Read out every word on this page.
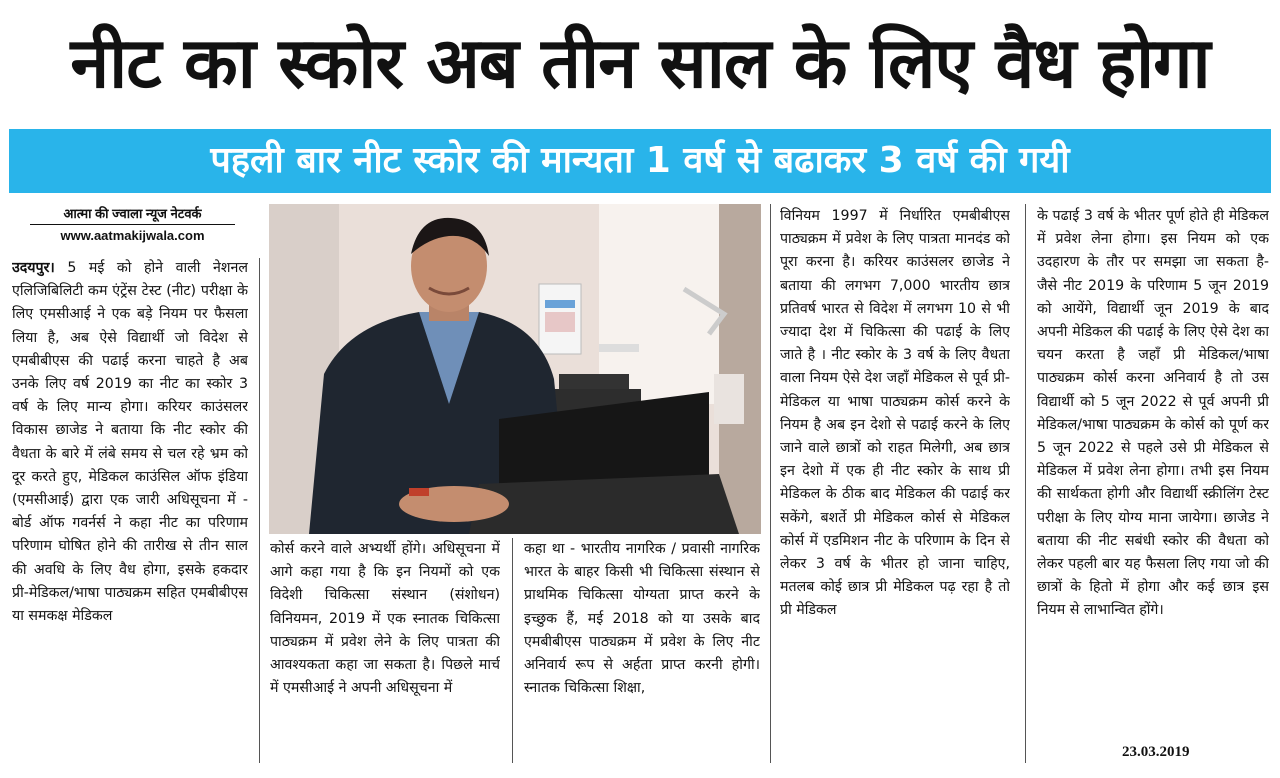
नीट का स्कोर अब तीन साल के लिए वैध होगा
पहली बार नीट स्कोर की मान्यता 1 वर्ष से बढाकर 3 वर्ष की गयी
आत्मा की ज्वाला न्यूज नेटवर्क
www.aatmakijwala.com
उदयपुर। 5 मई को होने वाली नेशनल एलिजिबिलिटी कम एंट्रेंस टेस्ट (नीट) परीक्षा के लिए एमसीआई ने एक बड़े नियम पर फैसला लिया है, अब ऐसे विद्यार्थी जो विदेश से एमबीबीएस की पढाई करना चाहते है अब उनके लिए वर्ष 2019 का नीट का स्कोर 3 वर्ष के लिए मान्य होगा। करियर काउंसलर विकास छाजेड ने बताया कि नीट स्कोर की वैधता के बारे में लंबे समय से चल रहे भ्रम को दूर करते हुए, मेडिकल काउंसिल ऑफ इंडिया (एमसीआई) द्वारा एक जारी अधिसूचना में - बोर्ड ऑफ गवर्नर्स ने कहा नीट का परिणाम परिणाम घोषित होने की तारीख से तीन साल की अवधि के लिए वैध होगा, इसके हकदार प्री-मेडिकल/भाषा पाठ्यक्रम सहित एमबीबीएस या समकक्ष मेडिकल
कोर्स करने वाले अभ्यर्थी होंगे। अधिसूचना में आगे कहा गया है कि इन नियमों को एक विदेशी चिकित्सा संस्थान (संशोधन) विनियमन, 2019 में एक स्नातक चिकित्सा पाठ्यक्रम में प्रवेश लेने के लिए पात्रता की आवश्यकता कहा जा सकता है। पिछले मार्च में एमसीआई ने अपनी अधिसूचना में
कहा था - भारतीय नागरिक / प्रवासी नागरिक भारत के बाहर किसी भी चिकित्सा संस्थान से प्राथमिक चिकित्सा योग्यता प्राप्त करने के इच्छुक हैं, मई 2018 को या उसके बाद एमबीबीएस पाठ्यक्रम में प्रवेश के लिए नीट अनिवार्य रूप से अर्हता प्राप्त करनी होगी। स्नातक चिकित्सा शिक्षा,
विनियम 1997 में निर्धारित एमबीबीएस पाठ्यक्रम में प्रवेश के लिए पात्रता मानदंड को पूरा करना है। करियर काउंसलर छाजेड ने बताया की लगभग 7,000 भारतीय छात्र प्रतिवर्ष भारत से विदेश में लगभग 10 से भी ज्यादा देश में चिकित्सा की पढाई के लिए जाते है । नीट स्कोर के 3 वर्ष के लिए वैधता वाला नियम ऐसे देश जहाँ मेडिकल से पूर्व प्री-मेडिकल या भाषा पाठ्यक्रम कोर्स करने के नियम है अब इन देशो से पढाई करने के लिए जाने वाले छात्रों को राहत मिलेगी, अब छात्र इन देशो में एक ही नीट स्कोर के साथ प्री मेडिकल के ठीक बाद मेडिकल की पढाई कर सकेंगे, बशर्ते प्री मेडिकल कोर्स से मेडिकल कोर्स में एडमिशन नीट के परिणाम के दिन से लेकर 3 वर्ष के भीतर हो जाना चाहिए, मतलब कोई छात्र प्री मेडिकल पढ़ रहा है तो प्री मेडिकल
के पढाई 3 वर्ष के भीतर पूर्ण होते ही मेडिकल में प्रवेश लेना होगा। इस नियम को एक उदहारण के तौर पर समझा जा सकता है- जैसे नीट 2019 के परिणाम 5 जून 2019 को आयेंगे, विद्यार्थी जून 2019 के बाद अपनी मेडिकल की पढाई के लिए ऐसे देश का चयन करता है जहाँ प्री मेडिकल/भाषा पाठ्यक्रम कोर्स करना अनिवार्य है तो उस विद्यार्थी को 5 जून 2022 से पूर्व अपनी प्री मेडिकल/भाषा पाठ्यक्रम के कोर्स को पूर्ण कर 5 जून 2022 से पहले उसे प्री मेडिकल से मेडिकल में प्रवेश लेना होगा। तभी इस नियम की सार्थकता होगी और विद्यार्थी स्क्रीलिंग टेस्ट परीक्षा के लिए योग्य माना जायेगा। छाजेड ने बताया की नीट सबंधी स्कोर की वैधता को लेकर पहली बार यह फैसला लिए गया जो की छात्रों के हितो में होगा और कई छात्र इस नियम से लाभान्वित होंगे।
23.03.2019
